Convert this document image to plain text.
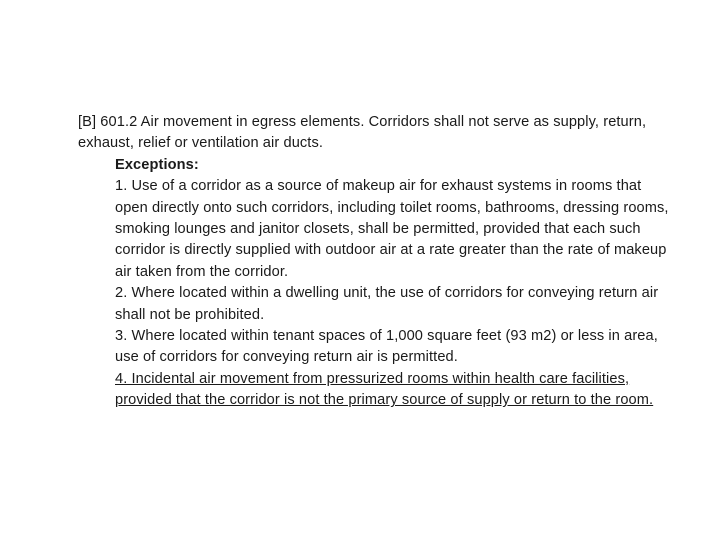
[B] 601.2 Air movement in egress elements. Corridors shall not serve as supply, return, exhaust, relief or ventilation air ducts.

Exceptions:

1. Use of a corridor as a source of makeup air for exhaust systems in rooms that open directly onto such corridors, including toilet rooms, bathrooms, dressing rooms, smoking lounges and janitor closets, shall be permitted, provided that each such corridor is directly supplied with outdoor air at a rate greater than the rate of makeup air taken from the corridor.

2. Where located within a dwelling unit, the use of corridors for conveying return air shall not be prohibited.

3. Where located within tenant spaces of 1,000 square feet (93 m2) or less in area, use of corridors for conveying return air is permitted.

4. Incidental air movement from pressurized rooms within health care facilities, provided that the corridor is not the primary source of supply or return to the room.
